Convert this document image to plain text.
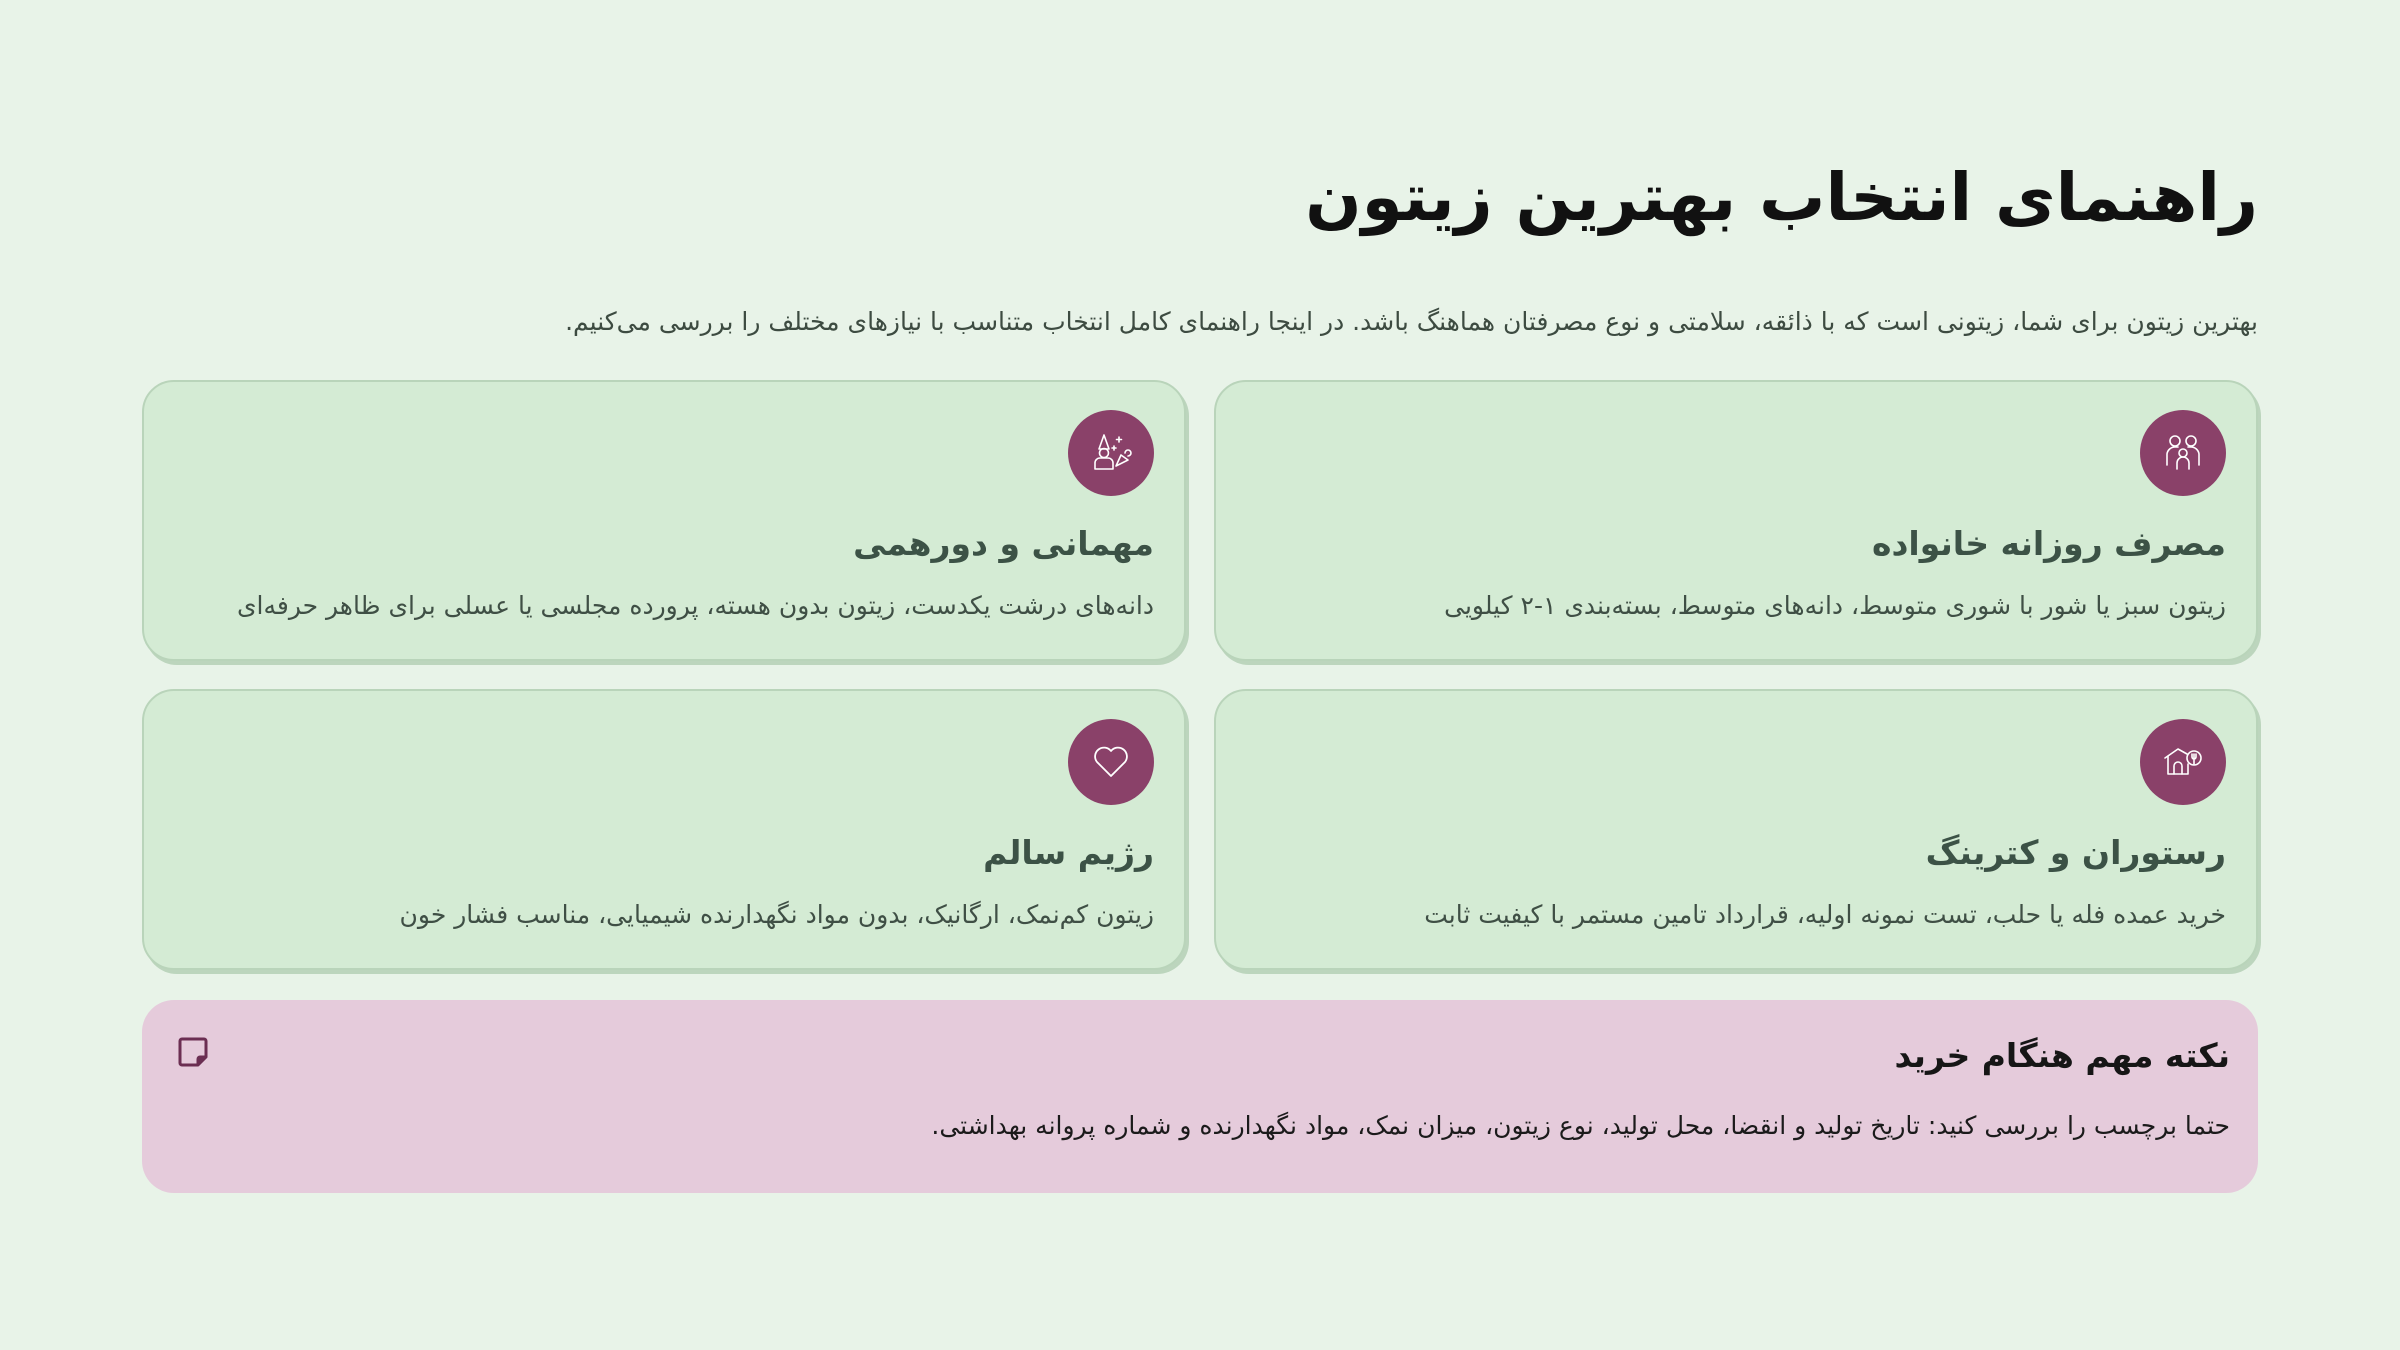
راهنمای انتخاب بهترین زیتون

بهترین زیتون برای شما، زیتونی است که با ذائقه، سلامتی و نوع مصرفتان هماهنگ باشد. در اینجا راهنمای کامل انتخاب متناسب با نیازهای مختلف را بررسی می‌کنیم.

مصرف روزانه خانواده
زیتون سبز یا شور با شوری متوسط، دانه‌های متوسط، بسته‌بندی ۱-۲ کیلویی
مهمانی و دورهمی
دانه‌های درشت یکدست، زیتون بدون هسته، پرورده مجلسی یا عسلی برای ظاهر حرفه‌ای
رستوران و کترینگ
خرید عمده فله یا حلب، تست نمونه اولیه، قرارداد تامین مستمر با کیفیت ثابت
رژیم سالم
زیتون کم‌نمک، ارگانیک، بدون مواد نگهدارنده شیمیایی، مناسب فشار خون
نکته مهم هنگام خرید
حتما برچسب را بررسی کنید: تاریخ تولید و انقضا، محل تولید، نوع زیتون، میزان نمک، مواد نگهدارنده و شماره پروانه بهداشتی.
